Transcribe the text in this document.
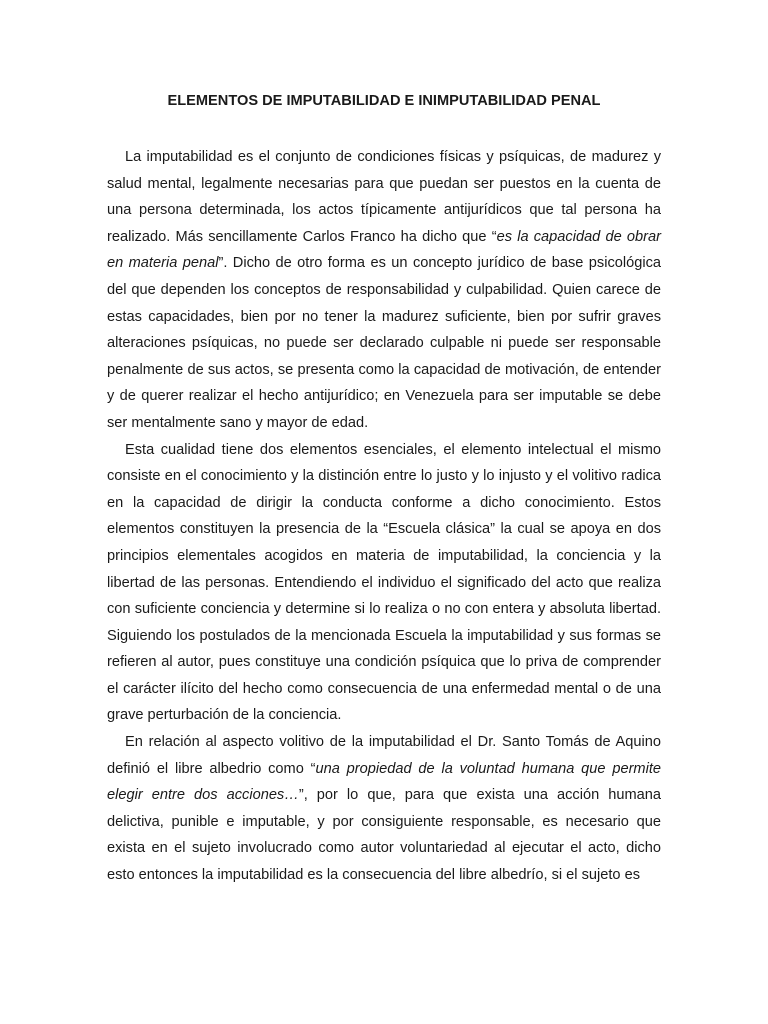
ELEMENTOS DE IMPUTABILIDAD E INIMPUTABILIDAD PENAL

La imputabilidad es el conjunto de condiciones físicas y psíquicas, de madurez y salud mental, legalmente necesarias para que puedan ser puestos en la cuenta de una persona determinada, los actos típicamente antijurídicos que tal persona ha realizado. Más sencillamente Carlos Franco ha dicho que “es la capacidad de obrar en materia penal”. Dicho de otro forma es un concepto jurídico de base psicológica del que dependen los conceptos de responsabilidad y culpabilidad. Quien carece de estas capacidades, bien por no tener la madurez suficiente, bien por sufrir graves alteraciones psíquicas, no puede ser declarado culpable ni puede ser responsable penalmente de sus actos, se presenta como la capacidad de motivación, de entender y de querer realizar el hecho antijurídico; en Venezuela para ser imputable se debe ser mentalmente sano y mayor de edad.

Esta cualidad tiene dos elementos esenciales, el elemento intelectual el mismo consiste en el conocimiento y la distinción entre lo justo y lo injusto y el volitivo radica en la capacidad de dirigir la conducta conforme a dicho conocimiento. Estos elementos constituyen la presencia de la “Escuela clásica” la cual se apoya en dos principios elementales acogidos en materia de imputabilidad, la conciencia y la libertad de las personas. Entendiendo el individuo el significado del acto que realiza con suficiente conciencia y determine si lo realiza o no con entera y absoluta libertad. Siguiendo los postulados de la mencionada Escuela la imputabilidad y sus formas se refieren al autor, pues constituye una condición psíquica que lo priva de comprender el carácter ilícito del hecho como consecuencia de una enfermedad mental o de una grave perturbación de la conciencia.

En relación al aspecto volitivo de la imputabilidad el Dr. Santo Tomás de Aquino definió el libre albedrio como “una propiedad de la voluntad humana que permite elegir entre dos acciones…”, por lo que, para que exista una acción humana delictiva, punible e imputable, y por consiguiente responsable, es necesario que exista en el sujeto involucrado como autor voluntariedad al ejecutar el acto, dicho esto entonces la imputabilidad es la consecuencia del libre albedrío, si el sujeto es
